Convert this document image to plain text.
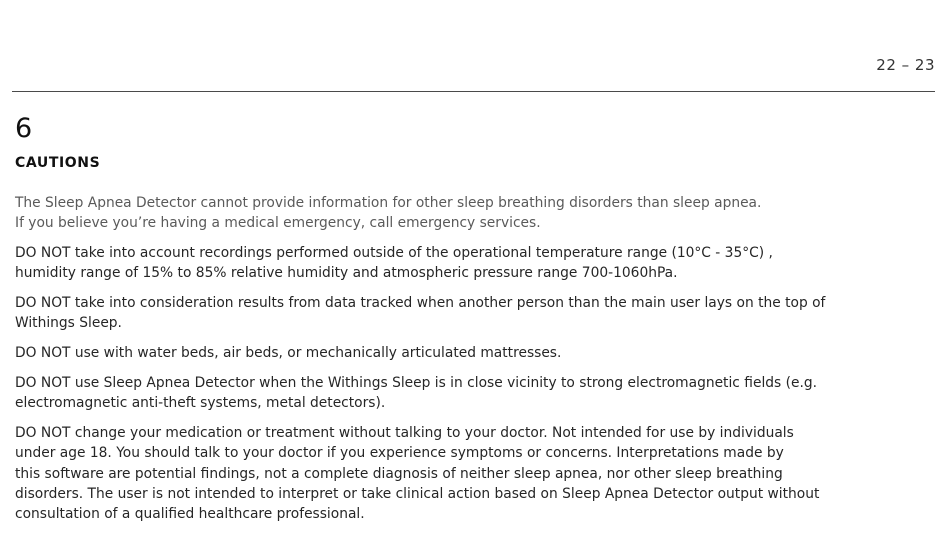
22 – 23
6
CAUTIONS

The Sleep Apnea Detector cannot provide information for other sleep breathing disorders than sleep apnea.
If you believe you’re having a medical emergency, call emergency services.

DO NOT take into account recordings performed outside of the operational temperature range (10°C - 35°C) ,
humidity range of 15% to 85% relative humidity and atmospheric pressure range 700-1060hPa.

DO NOT take into consideration results from data tracked when another person than the main user lays on the top of
Withings Sleep.

DO NOT use with water beds, air beds, or mechanically articulated mattresses.

DO NOT use Sleep Apnea Detector when the Withings Sleep is in close vicinity to strong electromagnetic fields (e.g.
electromagnetic anti-theft systems, metal detectors).

DO NOT change your medication or treatment without talking to your doctor. Not intended for use by individuals
under age 18. You should talk to your doctor if you experience symptoms or concerns. Interpretations made by
this software are potential findings, not a complete diagnosis of neither sleep apnea, nor other sleep breathing
disorders. The user is not intended to interpret or take clinical action based on Sleep Apnea Detector output without
consultation of a qualified healthcare professional.
